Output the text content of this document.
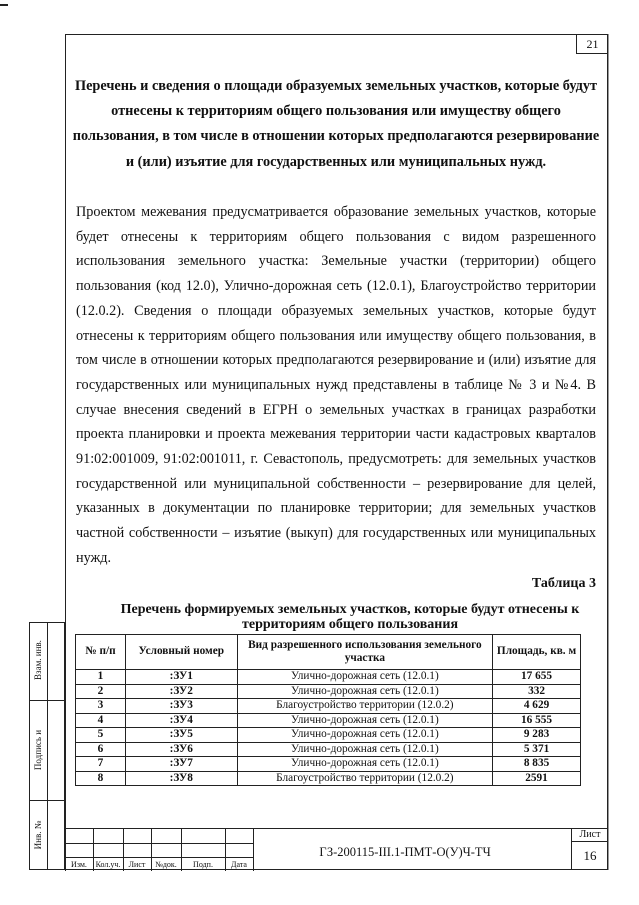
21
Перечень и сведения о площади образуемых земельных участков, которые будут отнесены к территориям общего пользования или имуществу общего пользования, в том числе в отношении которых предполагаются резервирование и (или) изъятие для государственных или муниципальных нужд.
Проектом межевания предусматривается образование земельных участков, которые будет отнесены к территориям общего пользования с видом разрешенного использования земельного участка: Земельные участки (территории) общего пользования (код 12.0), Улично-дорожная сеть (12.0.1), Благоустройство территории (12.0.2). Сведения о площади образуемых земельных участков, которые будут отнесены к территориям общего пользования или имуществу общего пользования, в том числе в отношении которых предполагаются резервирование и (или) изъятие для государственных или муниципальных нужд представлены в таблице № 3 и №4. В случае внесения сведений в ЕГРН о земельных участках в границах разработки проекта планировки и проекта межевания территории части кадастровых кварталов 91:02:001009, 91:02:001011, г. Севастополь, предусмотреть: для земельных участков государственной или муниципальной собственности – резервирование для целей, указанных в документации по планировке территории; для земельных участков частной собственности – изъятие (выкуп) для государственных или муниципальных нужд.
Таблица 3
Перечень формируемых земельных участков, которые будут отнесены к территориям общего пользования
№ п/п	Условный номер	Вид разрешенного использования земельного участка	Площадь, кв. м
1	:ЗУ1	Улично-дорожная сеть (12.0.1)	17 655
2	:ЗУ2	Улично-дорожная сеть (12.0.1)	332
3	:ЗУ3	Благоустройство территории (12.0.2)	4 629
4	:ЗУ4	Улично-дорожная сеть (12.0.1)	16 555
5	:ЗУ5	Улично-дорожная сеть (12.0.1)	9 283
6	:ЗУ6	Улично-дорожная сеть (12.0.1)	5 371
7	:ЗУ7	Улично-дорожная сеть (12.0.1)	8 835
8	:ЗУ8	Благоустройство территории (12.0.2)	2591
Взам. инв.
Подпись и
Инв. №
Изм.	Кол.уч.	Лист	№док.	Подп.	Дата
ГЗ-200115-III.1-ПМТ-О(У)Ч-ТЧ
Лист
16
